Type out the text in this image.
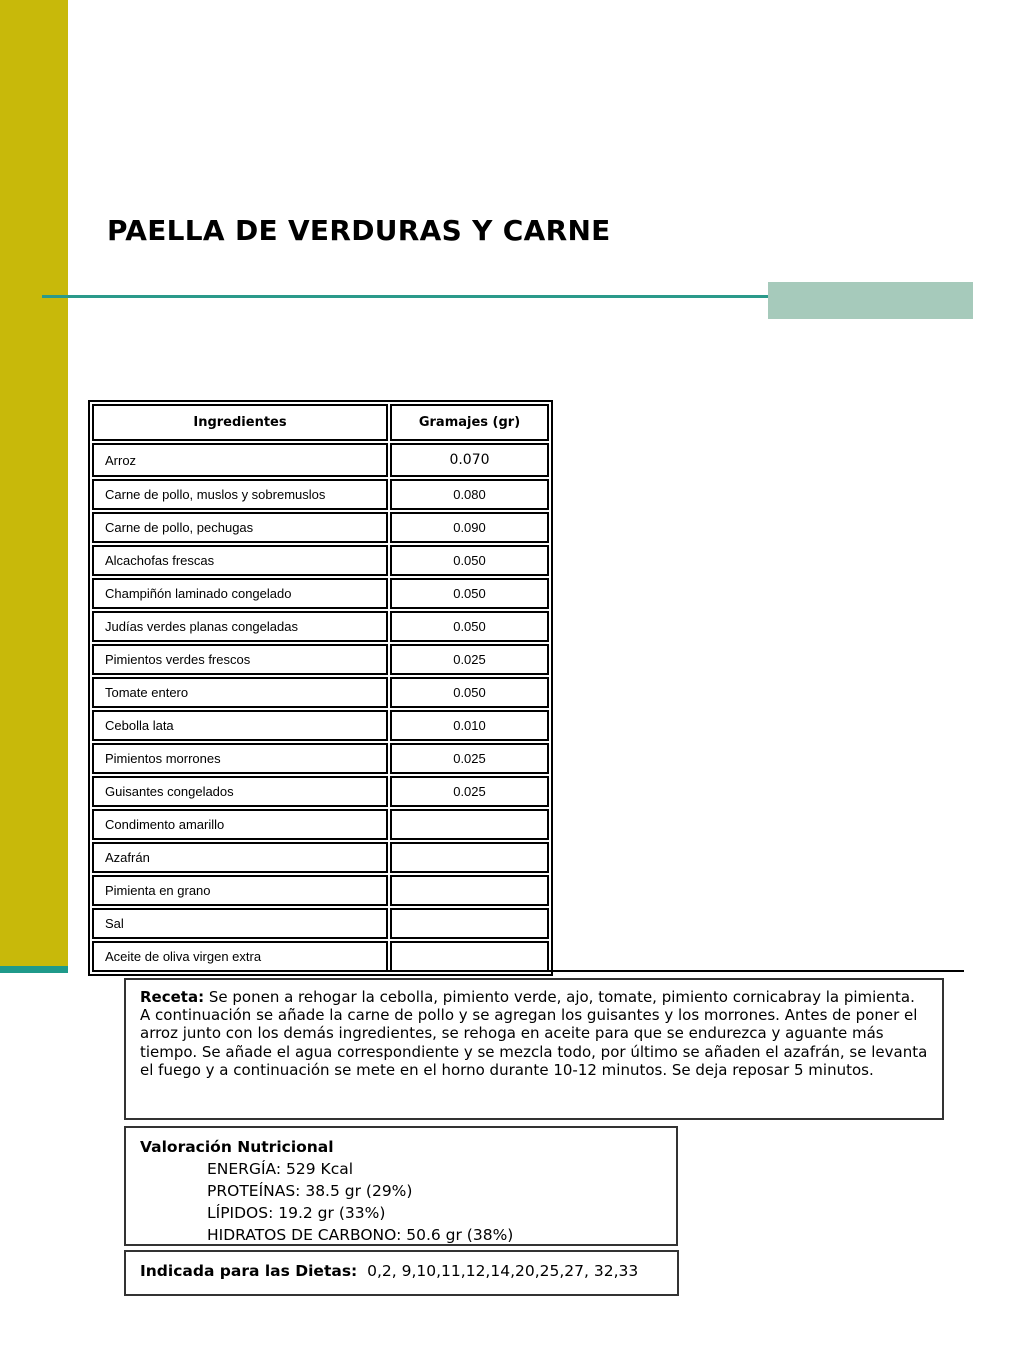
PAELLA DE VERDURAS Y CARNE
Ingredientes	Gramajes (gr)
Arroz	0.070
Carne de pollo, muslos y sobremuslos	0.080
Carne de pollo, pechugas	0.090
Alcachofas frescas	0.050
Champiñón laminado congelado	0.050
Judías verdes planas congeladas	0.050
Pimientos verdes frescos	0.025
Tomate entero	0.050
Cebolla lata	0.010
Pimientos morrones	0.025
Guisantes congelados	0.025
Condimento amarillo	
Azafrán	
Pimienta en grano	
Sal	
Aceite de oliva virgen extra	
Receta: Se ponen a rehogar la cebolla, pimiento verde, ajo, tomate, pimiento cornicabray la pimienta. A continuación se añade la carne de pollo y se agregan los guisantes y los morrones. Antes de poner el arroz junto con los demás ingredientes, se rehoga en aceite para que se endurezca y aguante más tiempo. Se añade el agua correspondiente y se mezcla todo, por último se añaden el azafrán, se levanta el fuego y a continuación se mete en el horno durante 10-12 minutos. Se deja reposar 5 minutos.
Valoración Nutricional
ENERGÍA: 529 Kcal
PROTEÍNAS: 38.5 gr (29%)
LÍPIDOS: 19.2 gr (33%)
HIDRATOS DE CARBONO: 50.6 gr (38%)
Indicada para las Dietas: 0,2, 9,10,11,12,14,20,25,27, 32,33
